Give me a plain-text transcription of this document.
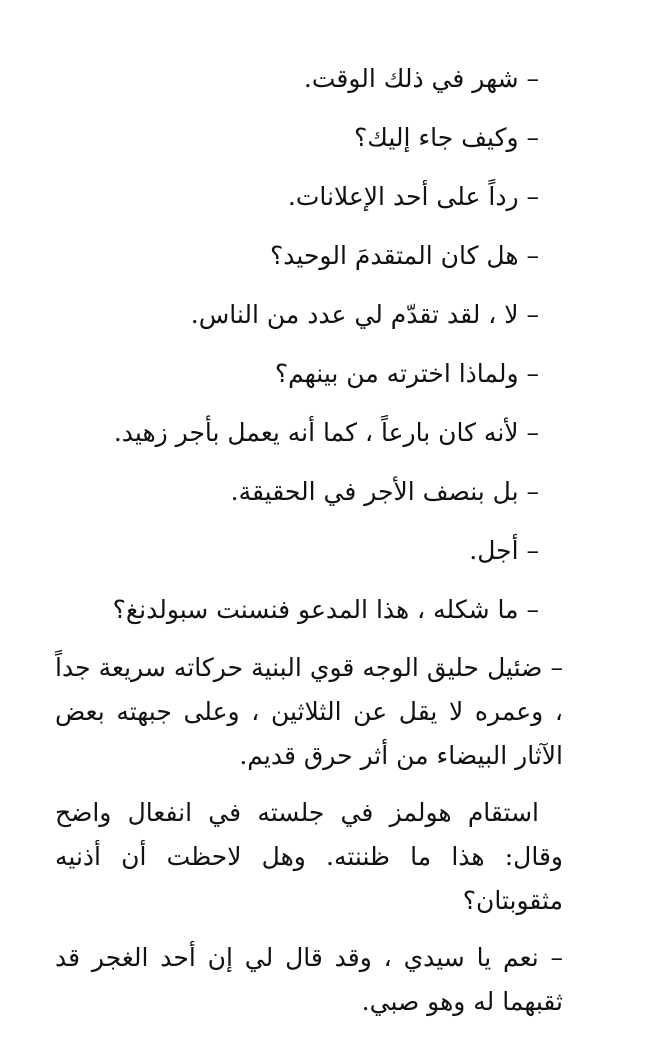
– شهر في ذلك الوقت.

– وكيف جاء إليك؟

– رداً على أحد الإعلانات.

– هل كان المتقدمَ الوحيد؟

– لا ، لقد تقدّم لي عدد من الناس.

– ولماذا اخترته من بينهم؟

– لأنه كان بارعاً ، كما أنه يعمل بأجر زهيد.

– بل بنصف الأجر في الحقيقة.

– أجل.

– ما شكله ، هذا المدعو فنسنت سبولدنغ؟

– ضئيل حليق الوجه قوي البنية حركاته سريعة جداً ، وعمره لا يقل عن الثلاثين ، وعلى جبهته بعض الآثار البيضاء من أثر حرق قديم.

استقام هولمز في جلسته في انفعال واضح وقال: هذا ما ظننته. وهل لاحظت أن أذنيه مثقوبتان؟

– نعم يا سيدي ، وقد قال لي إن أحد الغجر قد ثقبهما له وهو صبي.
